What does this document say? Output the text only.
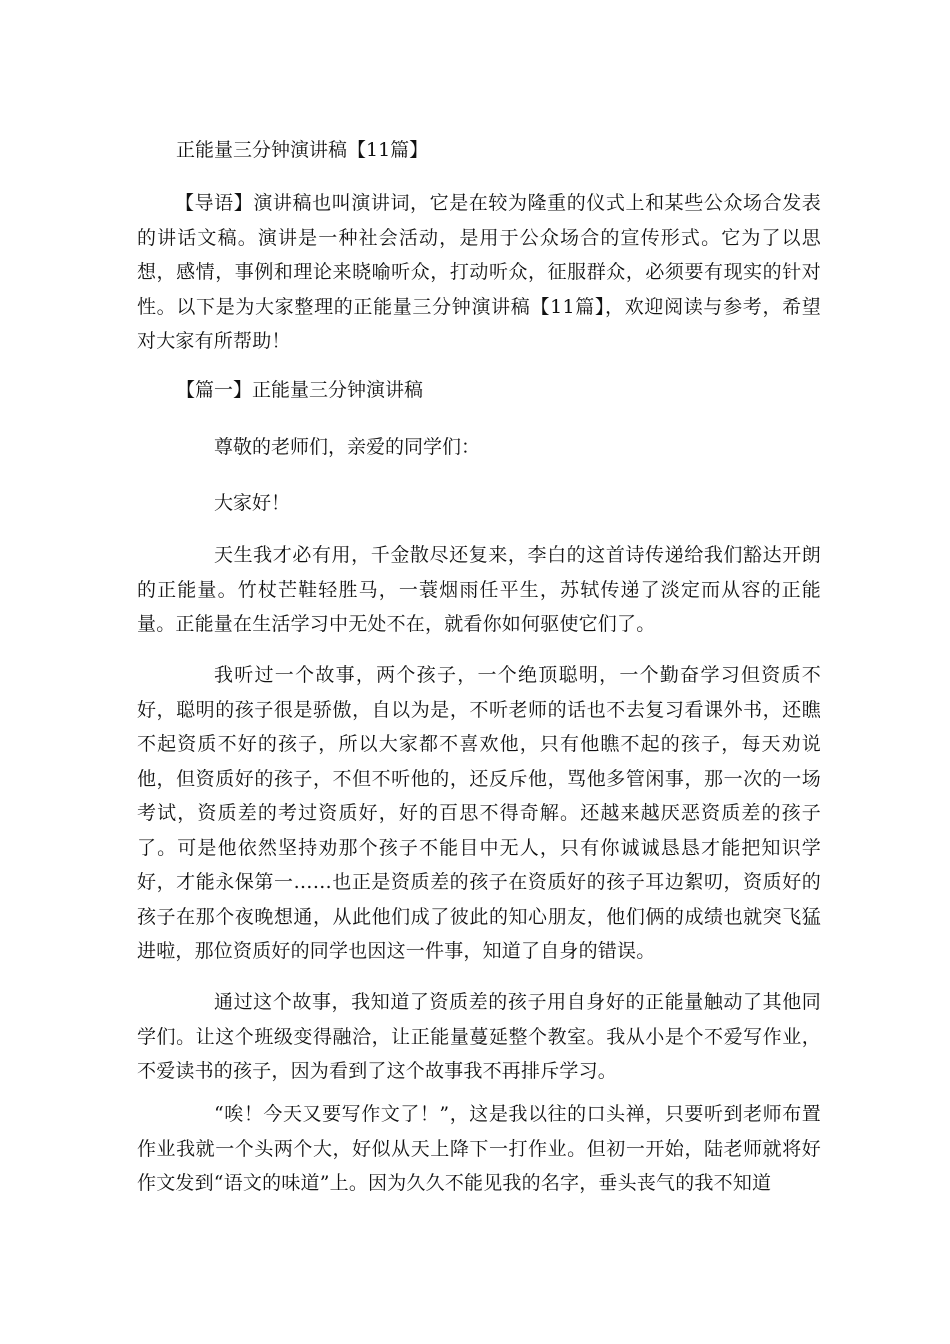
正能量三分钟演讲稿【11篇】

【导语】演讲稿也叫演讲词，它是在较为隆重的仪式上和某些公众场合发表的讲话文稿。演讲是一种社会活动，是用于公众场合的宣传形式。它为了以思想，感情，事例和理论来晓喻听众，打动听众，征服群众，必须要有现实的针对性。以下是为大家整理的正能量三分钟演讲稿【11篇】，欢迎阅读与参考，希望对大家有所帮助！

【篇一】正能量三分钟演讲稿

尊敬的老师们，亲爱的同学们：

大家好！

天生我才必有用，千金散尽还复来，李白的这首诗传递给我们豁达开朗的正能量。竹杖芒鞋轻胜马，一蓑烟雨任平生，苏轼传递了淡定而从容的正能量。正能量在生活学习中无处不在，就看你如何驱使它们了。

我听过一个故事，两个孩子，一个绝顶聪明，一个勤奋学习但资质不好，聪明的孩子很是骄傲，自以为是，不听老师的话也不去复习看课外书，还瞧不起资质不好的孩子，所以大家都不喜欢他，只有他瞧不起的孩子，每天劝说他，但资质好的孩子，不但不听他的，还反斥他，骂他多管闲事，那一次的一场考试，资质差的考过资质好，好的百思不得奇解。还越来越厌恶资质差的孩子了。可是他依然坚持劝那个孩子不能目中无人，只有你诚诚恳恳才能把知识学好，才能永保第一……也正是资质差的孩子在资质好的孩子耳边絮叨，资质好的孩子在那个夜晚想通，从此他们成了彼此的知心朋友，他们俩的成绩也就突飞猛进啦，那位资质好的同学也因这一件事，知道了自身的错误。

通过这个故事，我知道了资质差的孩子用自身好的正能量触动了其他同学们。让这个班级变得融洽，让正能量蔓延整个教室。我从小是个不爱写作业，不爱读书的孩子，因为看到了这个故事我不再排斥学习。

“唉！今天又要写作文了！”，这是我以往的口头禅，只要听到老师布置作业我就一个头两个大，好似从天上降下一打作业。但初一开始，陆老师就将好作文发到“语文的味道”上。因为久久不能见我的名字，垂头丧气的我不知道
